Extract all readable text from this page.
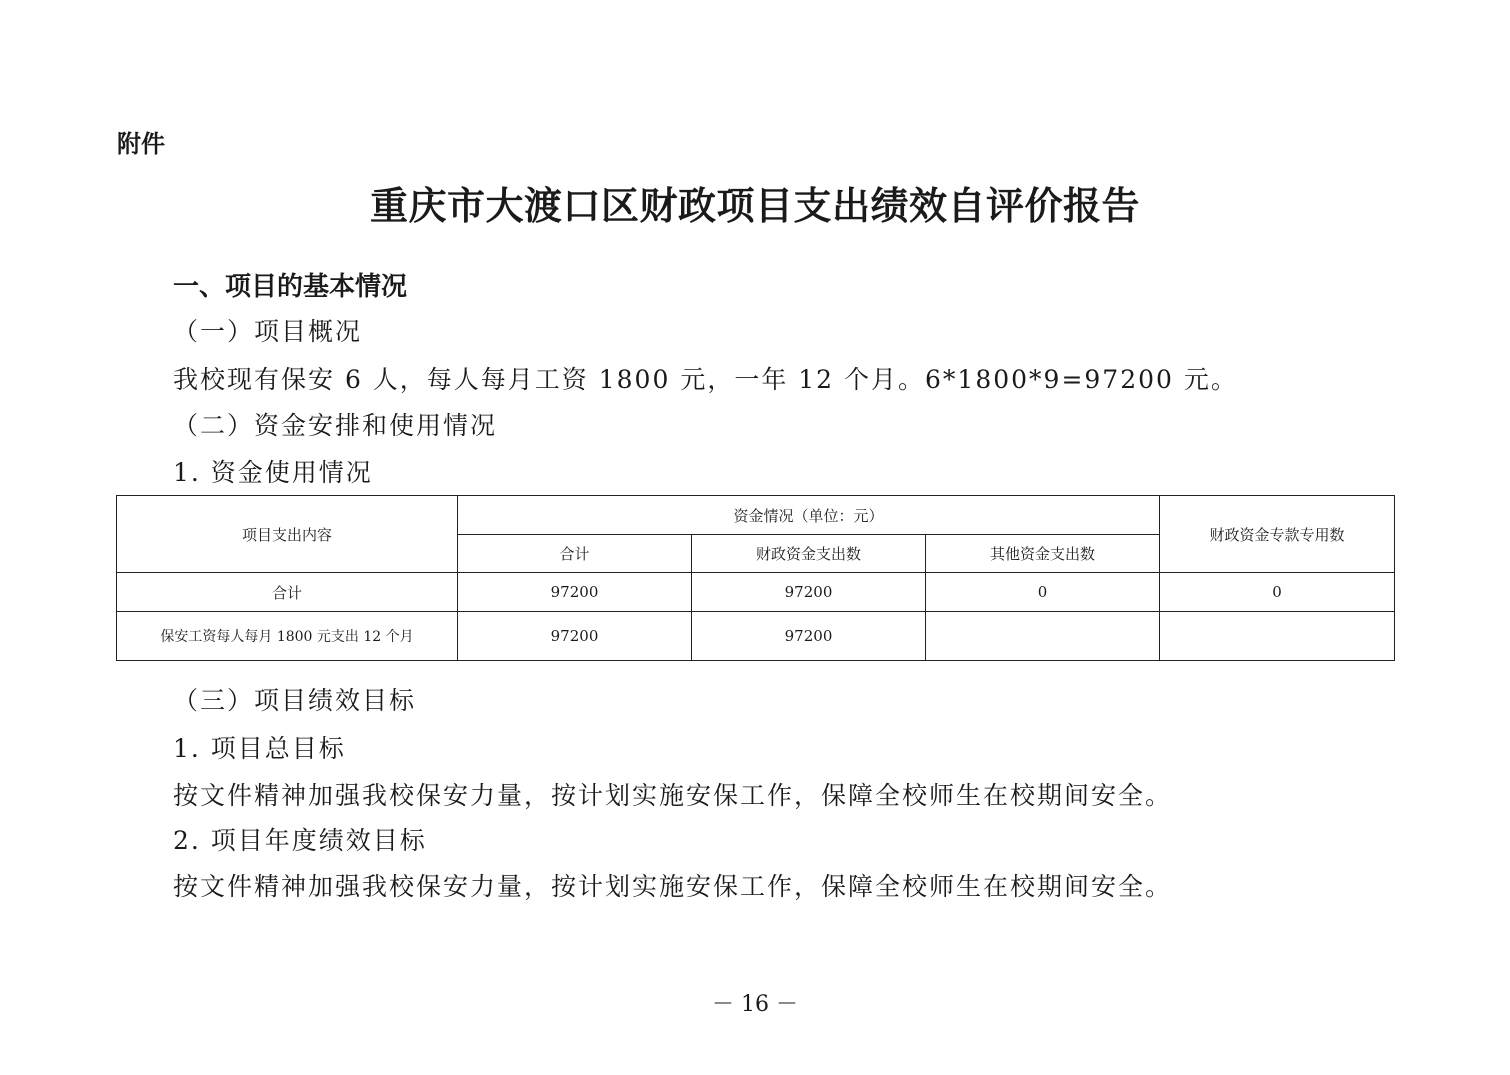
附件
重庆市大渡口区财政项目支出绩效自评价报告
一、项目的基本情况
（一）项目概况
我校现有保安 6 人，每人每月工资 1800 元，一年 12 个月。6*1800*9=97200 元。
（二）资金安排和使用情况
1. 资金使用情况
项目支出内容	资金情况（单位：元）			财政资金专款专用数
	合计	财政资金支出数	其他资金支出数	
合计	97200	97200	0	0
保安工资每人每月 1800 元支出 12 个月	97200	97200		
（三）项目绩效目标
1. 项目总目标
按文件精神加强我校保安力量，按计划实施安保工作，保障全校师生在校期间安全。
2. 项目年度绩效目标
按文件精神加强我校保安力量，按计划实施安保工作，保障全校师生在校期间安全。
－ 16 －
